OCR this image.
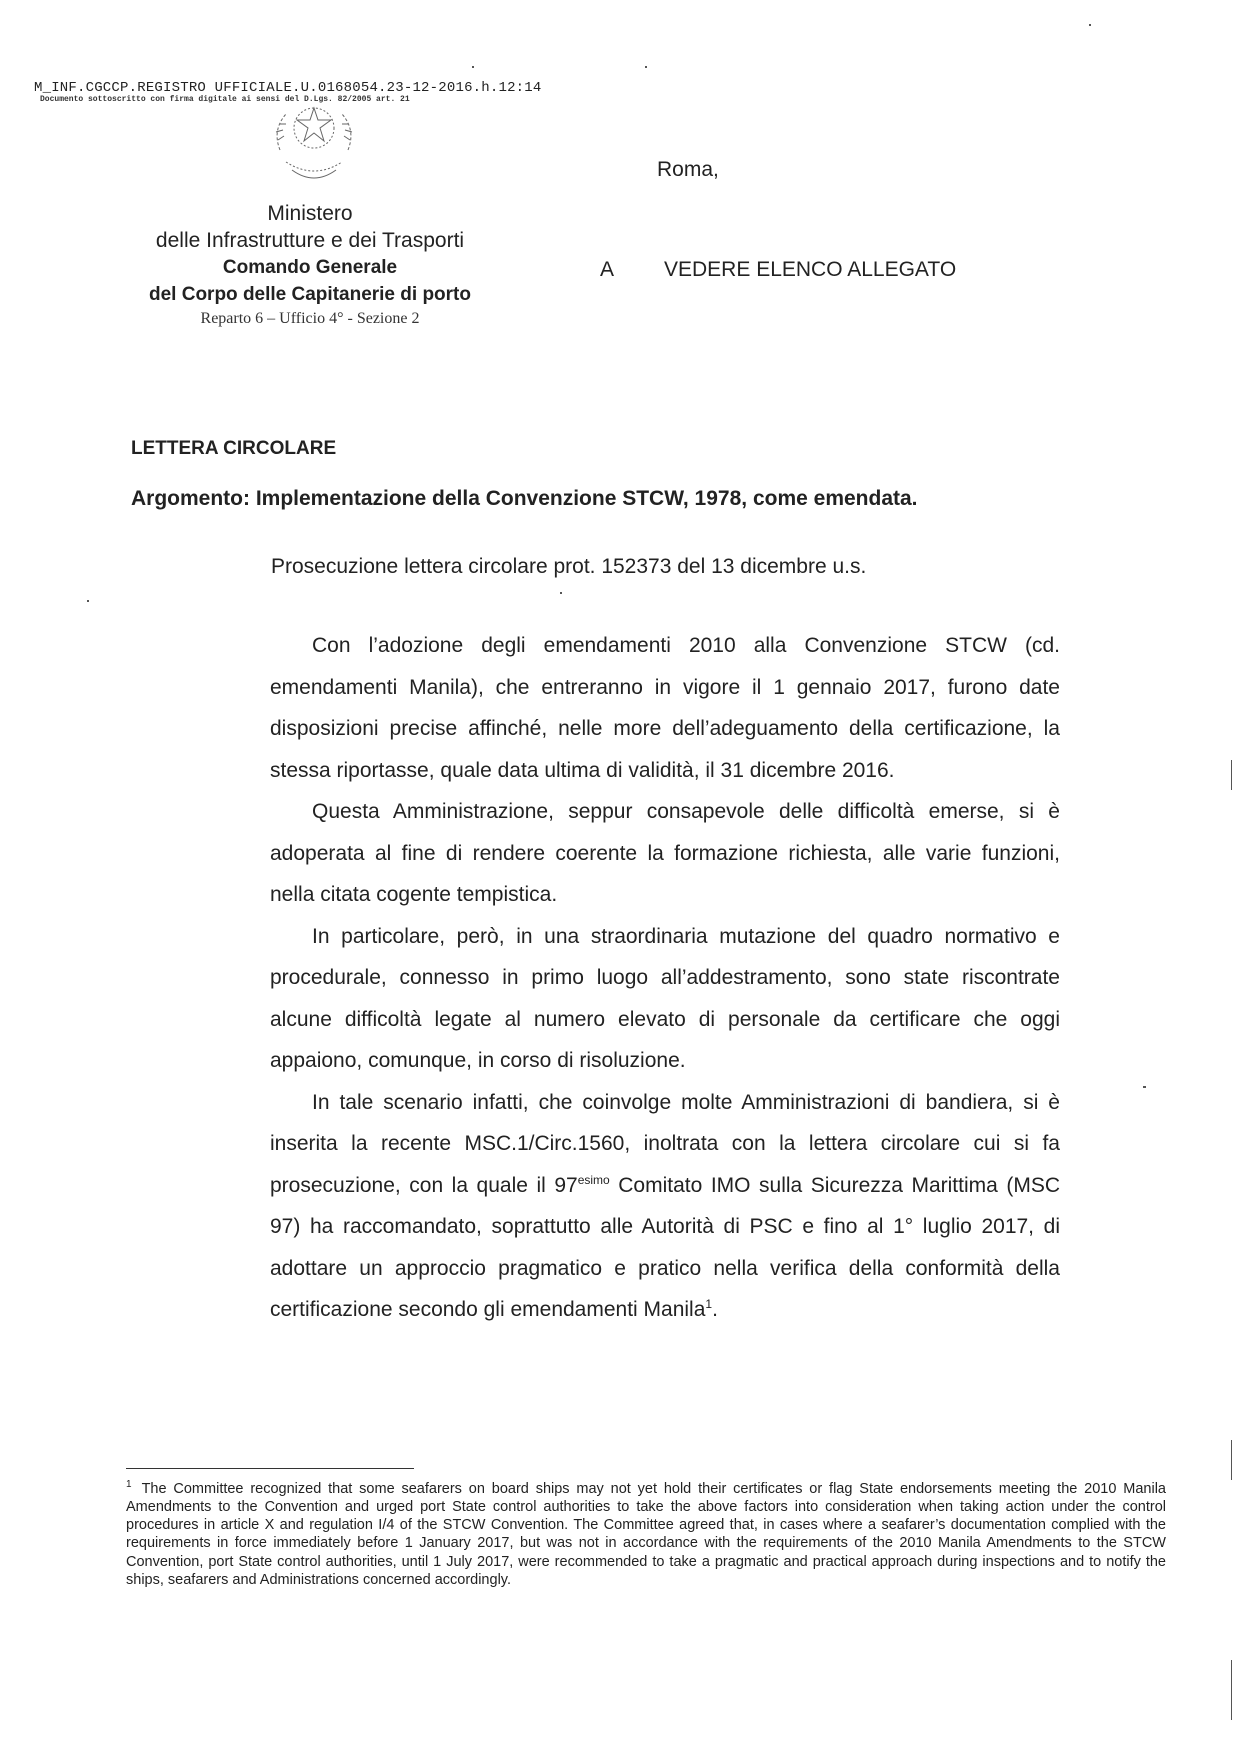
M_INF.CGCCP.REGISTRO UFFICIALE.U.0168054.23-12-2016.h.12:14
Documento sottoscritto con firma digitale ai sensi del D.Lgs. 82/2005 art. 21
Ministero
delle Infrastrutture e dei Trasporti
Comando Generale
del Corpo delle Capitanerie di porto
Reparto 6 – Ufficio 4° - Sezione 2
Roma,
A VEDERE ELENCO ALLEGATO
LETTERA CIRCOLARE
Argomento: Implementazione della Convenzione STCW, 1978, come emendata.
Prosecuzione lettera circolare prot. 152373 del 13 dicembre u.s.

Con l’adozione degli emendamenti 2010 alla Convenzione STCW (cd. emendamenti Manila), che entreranno in vigore il 1 gennaio 2017, furono date disposizioni precise affinché, nelle more dell’adeguamento della certificazione, la stessa riportasse, quale data ultima di validità, il 31 dicembre 2016.

Questa Amministrazione, seppur consapevole delle difficoltà emerse, si è adoperata al fine di rendere coerente la formazione richiesta, alle varie funzioni, nella citata cogente tempistica.

In particolare, però, in una straordinaria mutazione del quadro normativo e procedurale, connesso in primo luogo all’addestramento, sono state riscontrate alcune difficoltà legate al numero elevato di personale da certificare che oggi appaiono, comunque, in corso di risoluzione.

In tale scenario infatti, che coinvolge molte Amministrazioni di bandiera, si è inserita la recente MSC.1/Circ.1560, inoltrata con la lettera circolare cui si fa prosecuzione, con la quale il $97^{esimo}$ Comitato IMO sulla Sicurezza Marittima (MSC 97) ha raccomandato, soprattutto alle Autorità di PSC e fino al 1° luglio 2017, di adottare un approccio pragmatico e pratico nella verifica della conformità della certificazione secondo gli emendamenti Manila$^1$.

$^1$ The Committee recognized that some seafarers on board ships may not yet hold their certificates or flag State endorsements meeting the 2010 Manila Amendments to the Convention and urged port State control authorities to take the above factors into consideration when taking action under the control procedures in article X and regulation I/4 of the STCW Convention. The Committee agreed that, in cases where a seafarer’s documentation complied with the requirements in force immediately before 1 January 2017, but was not in accordance with the requirements of the 2010 Manila Amendments to the STCW Convention, port State control authorities, until 1 July 2017, were recommended to take a pragmatic and practical approach during inspections and to notify the ships, seafarers and Administrations concerned accordingly.
